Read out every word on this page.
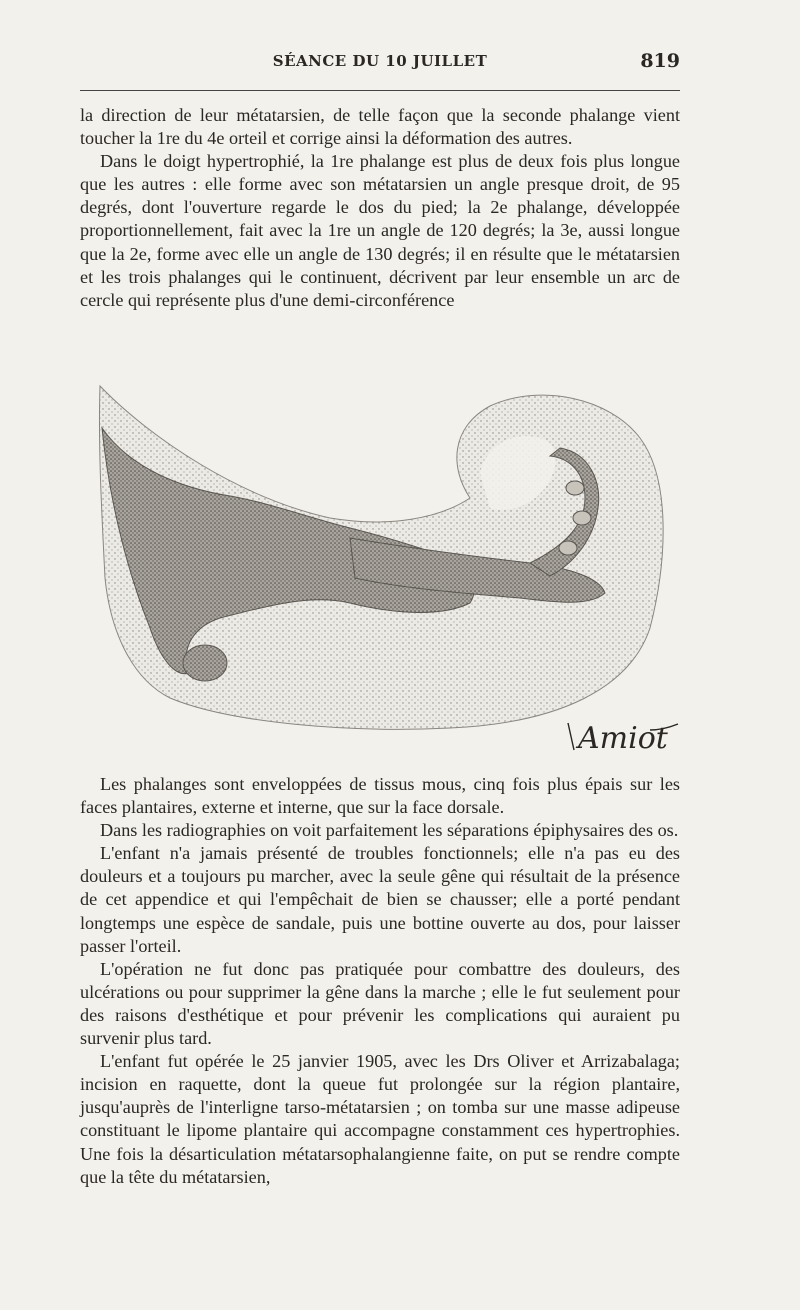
SÉANCE DU 10 JUILLET	819

la direction de leur métatarsien, de telle façon que la seconde phalange vient toucher la 1re du 4e orteil et corrige ainsi la déformation des autres.

Dans le doigt hypertrophié, la 1re phalange est plus de deux fois plus longue que les autres : elle forme avec son métatarsien un angle presque droit, de 95 degrés, dont l'ouverture regarde le dos du pied; la 2e phalange, développée proportionnellement, fait avec la 1re un angle de 120 degrés; la 3e, aussi longue que la 2e, forme avec elle un angle de 130 degrés; il en résulte que le métatarsien et les trois phalanges qui le continuent, décrivent par leur ensemble un arc de cercle qui représente plus d'une demi-circonférence

Amiot

Les phalanges sont enveloppées de tissus mous, cinq fois plus épais sur les faces plantaires, externe et interne, que sur la face dorsale.

Dans les radiographies on voit parfaitement les séparations épiphysaires des os.

L'enfant n'a jamais présenté de troubles fonctionnels; elle n'a pas eu des douleurs et a toujours pu marcher, avec la seule gêne qui résultait de la présence de cet appendice et qui l'empêchait de bien se chausser; elle a porté pendant longtemps une espèce de sandale, puis une bottine ouverte au dos, pour laisser passer l'orteil.

L'opération ne fut donc pas pratiquée pour combattre des douleurs, des ulcérations ou pour supprimer la gêne dans la marche ; elle le fut seulement pour des raisons d'esthétique et pour prévenir les complications qui auraient pu survenir plus tard.

L'enfant fut opérée le 25 janvier 1905, avec les Drs Oliver et Arrizabalaga; incision en raquette, dont la queue fut prolongée sur la région plantaire, jusqu'auprès de l'interligne tarso-métatarsien ; on tomba sur une masse adipeuse constituant le lipome plantaire qui accompagne constamment ces hypertrophies. Une fois la désarticulation métatarsophalangienne faite, on put se rendre compte que la tête du métatarsien,
